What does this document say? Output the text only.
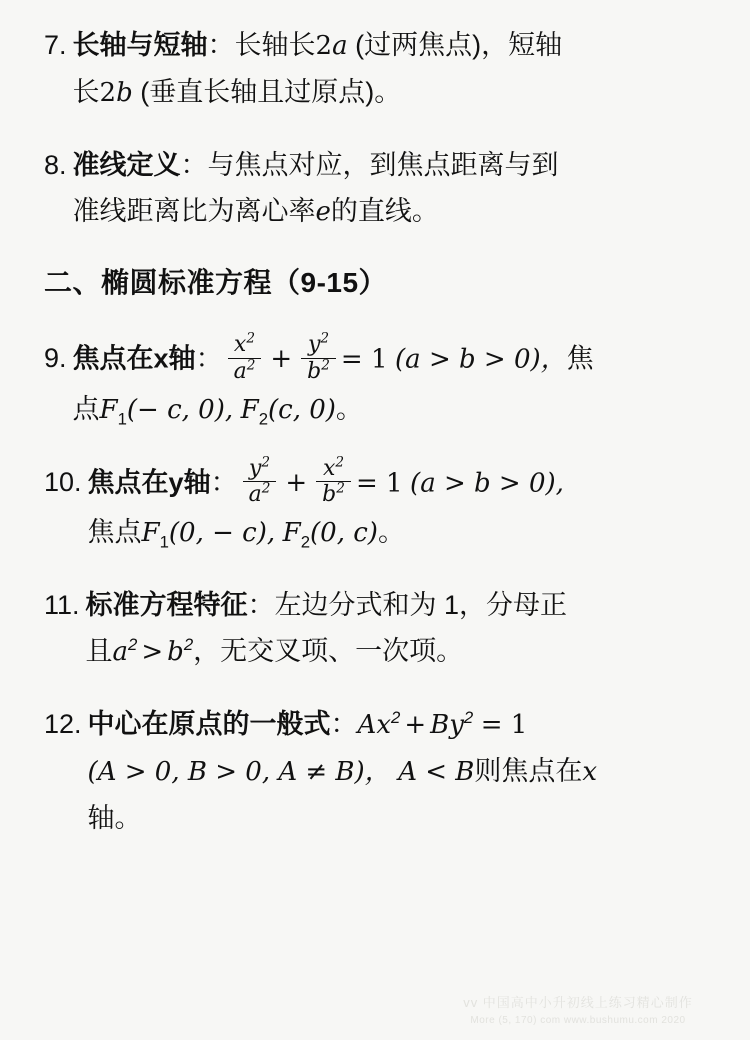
7. 长轴与短轴：长轴长2a (过两焦点)，短轴
长2b (垂直长轴且过原点)。
8. 准线定义：与焦点对应，到焦点距离与到
准线距离比为离心率e的直线。
二、椭圆标准方程（9-15）
9. 焦点在x轴： $\frac{x^2}{a^2} + \frac{y^2}{b^2} = 1$ (a > b > 0)，焦
点$F_1(- c$, 0), $F_2(c$, 0)。
10. 焦点在y轴： $\frac{y^2}{a^2} + \frac{x^2}{b^2} = 1$ (a > b > 0),
焦点$F_1(0$, − c), $F_2(0$, c)。
11. 标准方程特征：左边分式和为 1，分母正
且$a^2 > b^2$，无交叉项、一次项。
12. 中心在原点的一般式：$Ax^2 + By^2 = 1$
(A > 0, B > 0, A ≠ B)， A < B则焦点在x
轴。
vv 中国高中小升初线上练习精心制作
More (5, 170) com www.bushumu.com 2020
